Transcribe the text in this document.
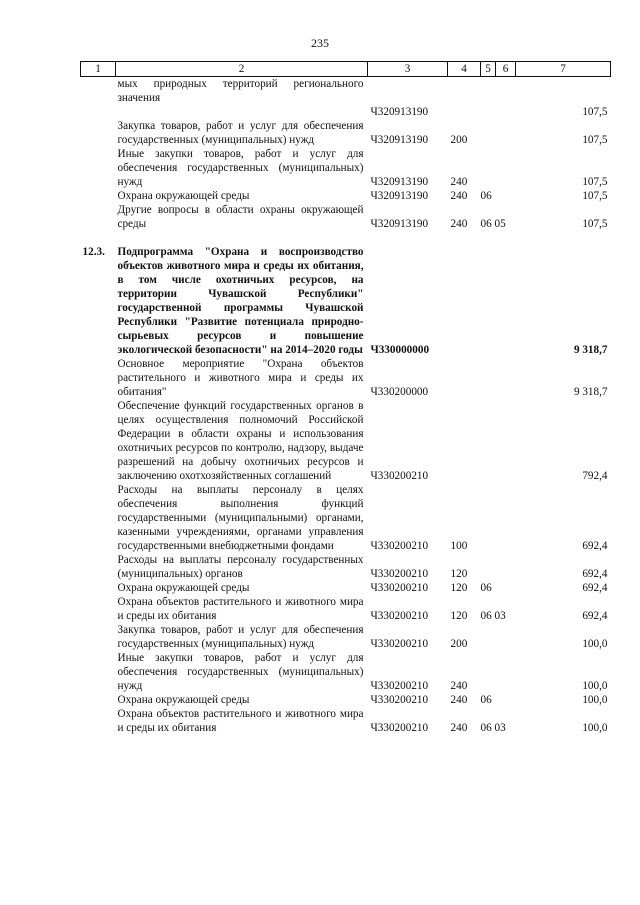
235
1	2	3	4	5	6	7
	мых природных территорий регионального значения					
		Ч320913190				107,5
	Закупка товаров, работ и услуг для обеспечения государственных (муниципальных) нужд	Ч320913190	200			107,5
	Иные закупки товаров, работ и услуг для обеспечения государственных (муниципальных) нужд	Ч320913190	240			107,5
	Охрана окружающей среды	Ч320913190	240	06		107,5
	Другие вопросы в области охраны окружающей среды	Ч320913190	240	06 05		107,5

12.3.	Подпрограмма "Охрана и воспроизводство объектов животного мира и среды их обитания, в том числе охотничьих ресурсов, на территории Чувашской Республики" государственной программы Чувашской Республики "Развитие потенциала природно-сырьевых ресурсов и повышение экологической безопасности" на 2014–2020 годы	Ч330000000				9 318,7
	Основное мероприятие "Охрана объектов растительного и животного мира и среды их обитания"	Ч330200000				9 318,7
	Обеспечение функций государственных органов в целях осуществления полномочий Российской Федерации в области охраны и использования охотничьих ресурсов по контролю, надзору, выдаче разрешений на добычу охотничьих ресурсов и заключению охотхозяйственных соглашений	Ч330200210				792,4
	Расходы на выплаты персоналу в целях обеспечения выполнения функций государственными (муниципальными) органами, казенными учреждениями, органами управления государственными внебюджетными фондами	Ч330200210	100			692,4
	Расходы на выплаты персоналу государственных (муниципальных) органов	Ч330200210	120			692,4
	Охрана окружающей среды	Ч330200210	120	06		692,4
	Охрана объектов растительного и животного мира и среды их обитания	Ч330200210	120	06 03		692,4
	Закупка товаров, работ и услуг для обеспечения государственных (муниципальных) нужд	Ч330200210	200			100,0
	Иные закупки товаров, работ и услуг для обеспечения государственных (муниципальных) нужд	Ч330200210	240			100,0
	Охрана окружающей среды	Ч330200210	240	06		100,0
	Охрана объектов растительного и животного мира и среды их обитания	Ч330200210	240	06 03		100,0
